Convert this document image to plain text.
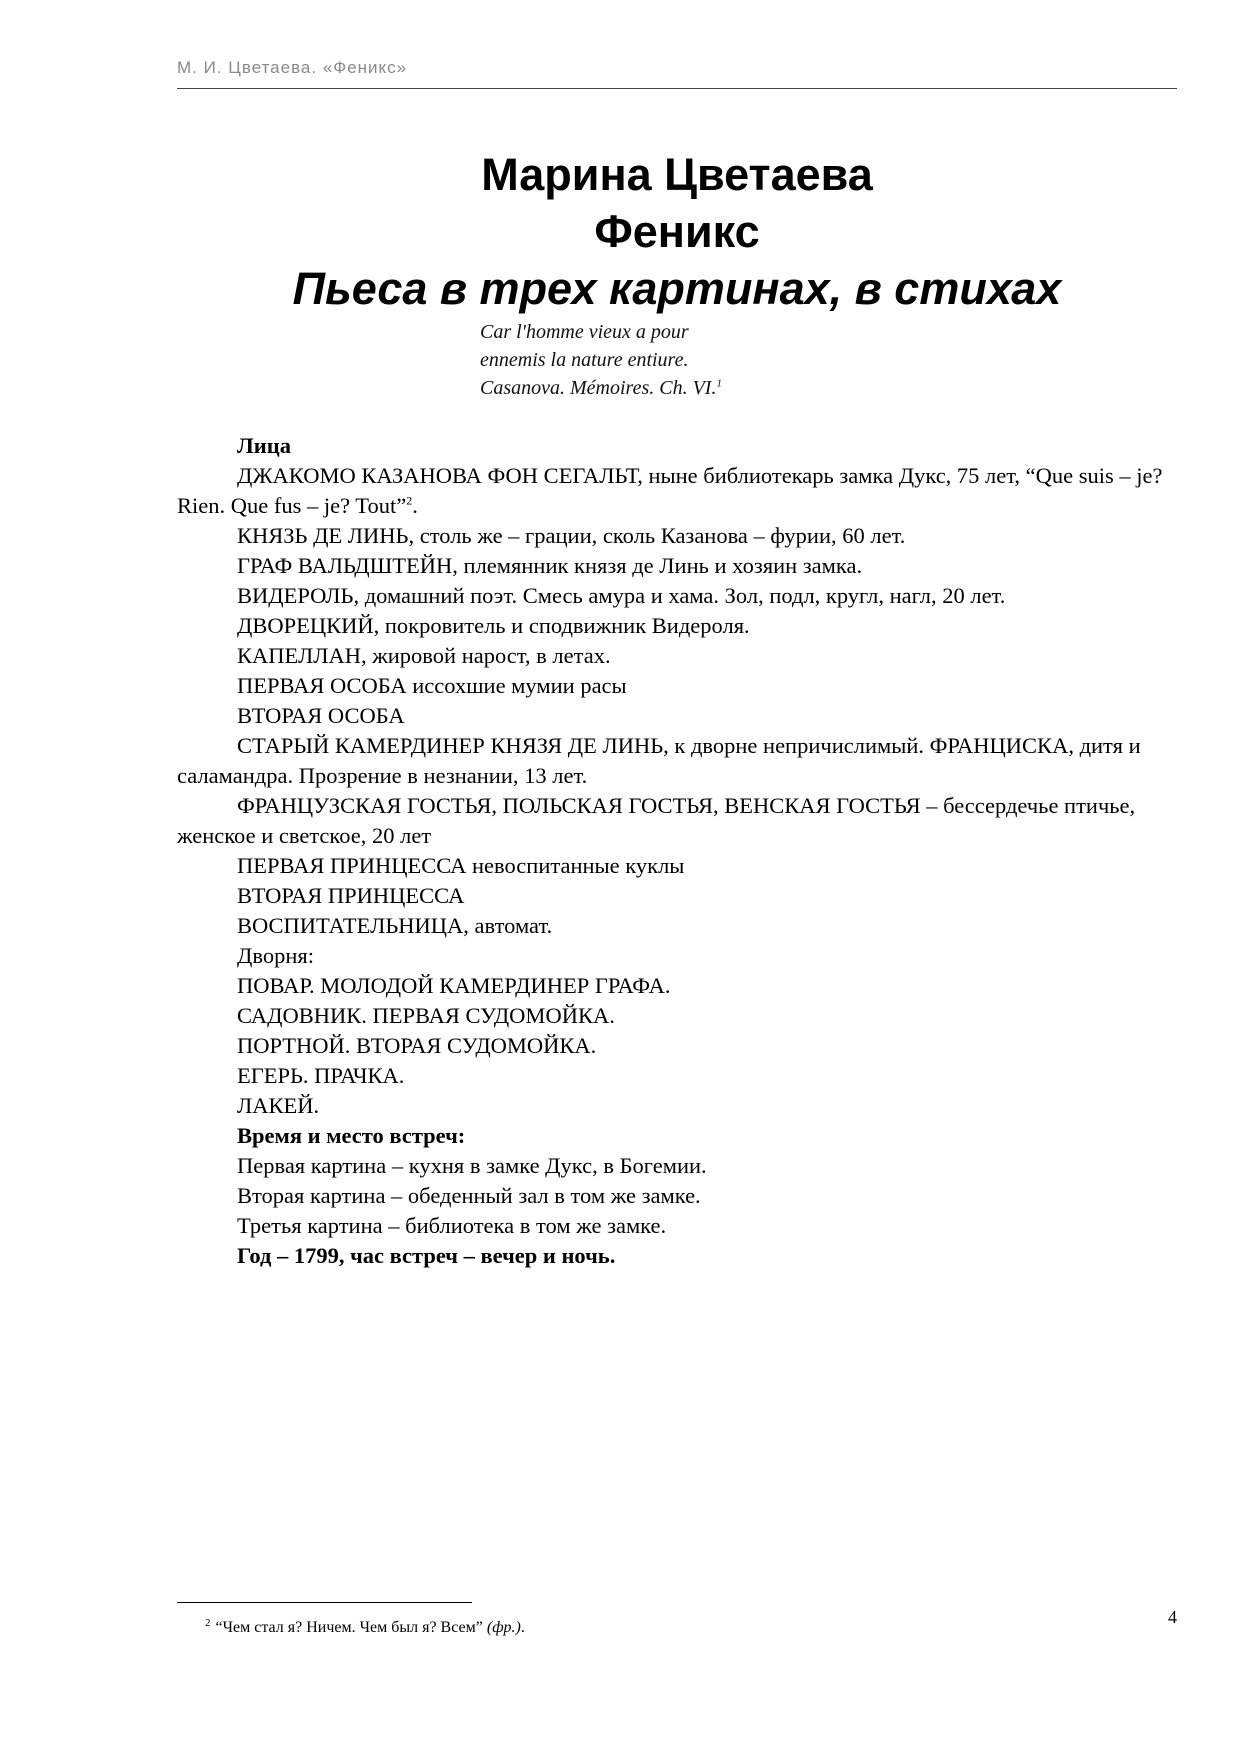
М. И. Цветаева. «Феникс»
Марина Цветаева
Феникс
Пьеса в трех картинах, в стихах
Car l'homme vieux a pour
ennemis la nature entiure.
Casanova. Mémoires. Ch. VI.$^1$

Лица

ДЖАКОМО КАЗАНОВА ФОН СЕГАЛЬТ, ныне библиотекарь замка Дукс, 75 лет, “Que suis – je? Rien. Que fus – je? Tout”$^2$.

КНЯЗЬ ДЕ ЛИНЬ, столь же – грации, сколь Казанова – фурии, 60 лет.

ГРАФ ВАЛЬДШТЕЙН, племянник князя де Линь и хозяин замка.

ВИДЕРОЛЬ, домашний поэт. Смесь амура и хама. Зол, подл, кругл, нагл, 20 лет.

ДВОРЕЦКИЙ, покровитель и сподвижник Видероля.

КАПЕЛЛАН, жировой нарост, в летах.

ПЕРВАЯ ОСОБА иссохшие мумии расы

ВТОРАЯ ОСОБА

СТАРЫЙ КАМЕРДИНЕР КНЯЗЯ ДЕ ЛИНЬ, к дворне непричислимый. ФРАНЦИСКА, дитя и саламандра. Прозрение в незнании, 13 лет.

ФРАНЦУЗСКАЯ ГОСТЬЯ, ПОЛЬСКАЯ ГОСТЬЯ, ВЕНСКАЯ ГОСТЬЯ – бессердечье птичье, женское и светское, 20 лет

ПЕРВАЯ ПРИНЦЕССА невоспитанные куклы

ВТОРАЯ ПРИНЦЕССА

ВОСПИТАТЕЛЬНИЦА, автомат.

Дворня:

ПОВАР. МОЛОДОЙ КАМЕРДИНЕР ГРАФА.

САДОВНИК. ПЕРВАЯ СУДОМОЙКА.

ПОРТНОЙ. ВТОРАЯ СУДОМОЙКА.

ЕГЕРЬ. ПРАЧКА.

ЛАКЕЙ.

Время и место встреч:

Первая картина – кухня в замке Дукс, в Богемии.

Вторая картина – обеденный зал в том же замке.

Третья картина – библиотека в том же замке.

Год – 1799, час встреч – вечер и ночь.

$^2$ “Чем стал я? Ничем. Чем был я? Всем” (фр.).
4
